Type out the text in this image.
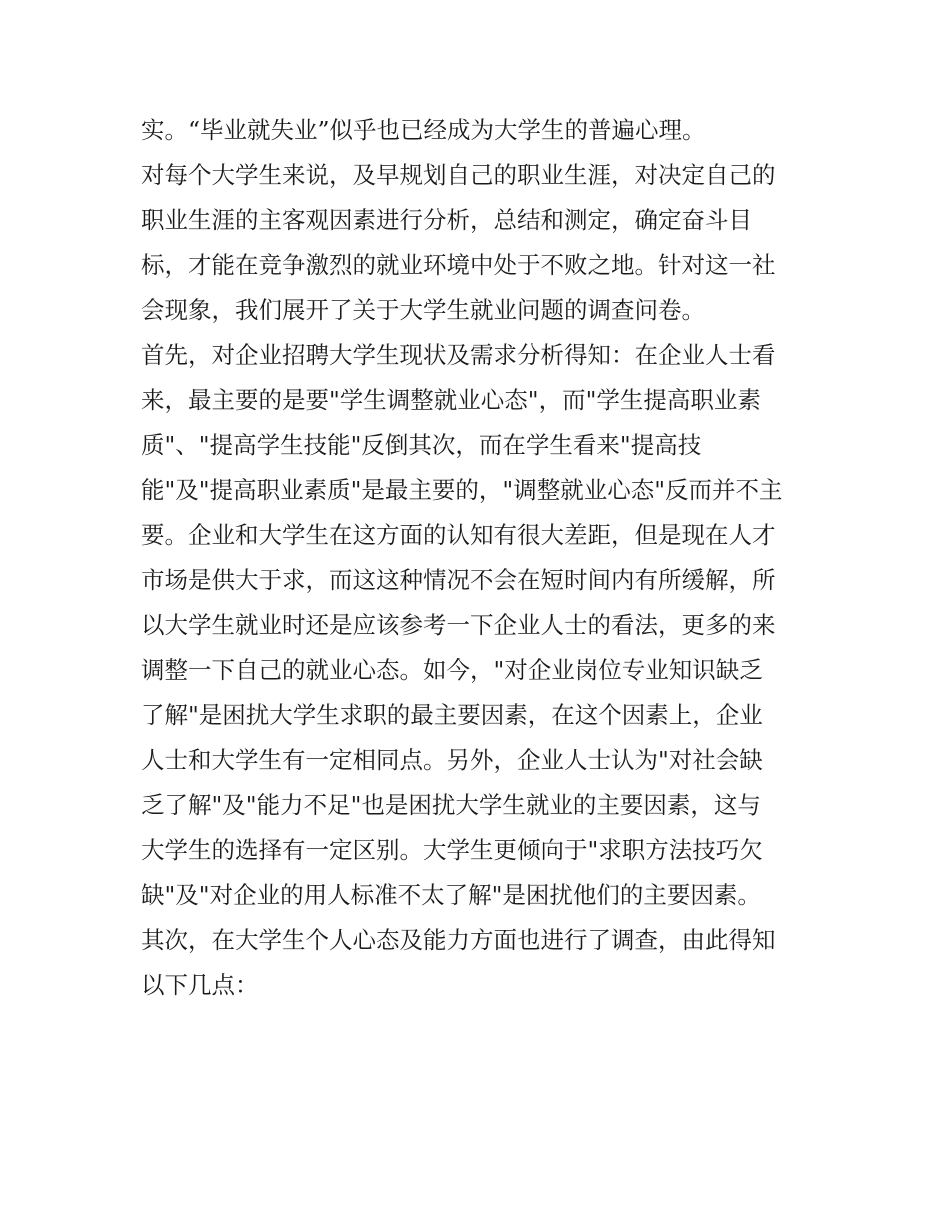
实。“毕业就失业”似乎也已经成为大学生的普遍心理。
对每个大学生来说，及早规划自己的职业生涯，对决定自己的
职业生涯的主客观因素进行分析，总结和测定，确定奋斗目
标，才能在竞争激烈的就业环境中处于不败之地。针对这一社
会现象，我们展开了关于大学生就业问题的调查问卷。
首先，对企业招聘大学生现状及需求分析得知：在企业人士看
来，最主要的是要"学生调整就业心态"，而"学生提高职业素
质"、"提高学生技能"反倒其次，而在学生看来"提高技
能"及"提高职业素质"是最主要的，"调整就业心态"反而并不主
要。企业和大学生在这方面的认知有很大差距，但是现在人才
市场是供大于求，而这这种情况不会在短时间内有所缓解，所
以大学生就业时还是应该参考一下企业人士的看法，更多的来
调整一下自己的就业心态。如今，"对企业岗位专业知识缺乏
了解"是困扰大学生求职的最主要因素，在这个因素上，企业
人士和大学生有一定相同点。另外，企业人士认为"对社会缺
乏了解"及"能力不足"也是困扰大学生就业的主要因素，这与
大学生的选择有一定区别。大学生更倾向于"求职方法技巧欠
缺"及"对企业的用人标准不太了解"是困扰他们的主要因素。
其次，在大学生个人心态及能力方面也进行了调查，由此得知
以下几点：
